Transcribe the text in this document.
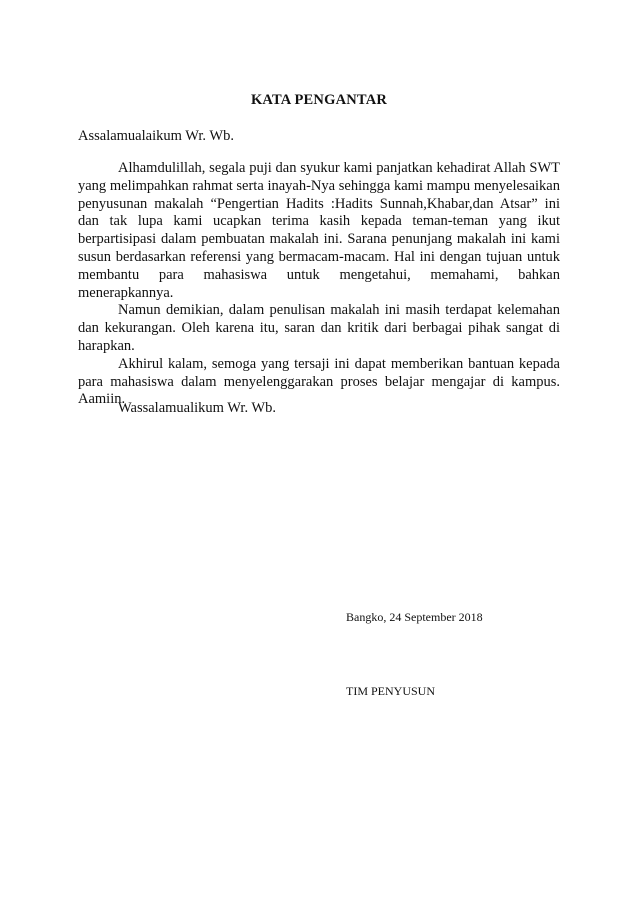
KATA PENGANTAR
Assalamualaikum Wr. Wb.

Alhamdulillah, segala puji dan syukur kami panjatkan kehadirat Allah SWT yang melimpahkan rahmat serta inayah-Nya sehingga kami mampu menyelesaikan penyusunan makalah “Pengertian Hadits :Hadits Sunnah,Khabar,dan Atsar” ini dan tak lupa kami ucapkan terima kasih kepada teman-teman yang ikut berpartisipasi dalam pembuatan makalah ini. Sarana penunjang makalah ini kami susun berdasarkan referensi yang bermacam-macam. Hal ini dengan tujuan untuk membantu para mahasiswa untuk mengetahui, memahami, bahkan menerapkannya.

Namun demikian, dalam penulisan makalah ini masih terdapat kelemahan dan kekurangan. Oleh karena itu, saran dan kritik dari berbagai pihak sangat di harapkan.

Akhirul kalam, semoga yang tersaji ini dapat memberikan bantuan kepada para mahasiswa dalam menyelenggarakan proses belajar mengajar di kampus. Aamiin.

Wassalamualikum Wr. Wb.
Bangko, 24 September 2018
TIM PENYUSUN
